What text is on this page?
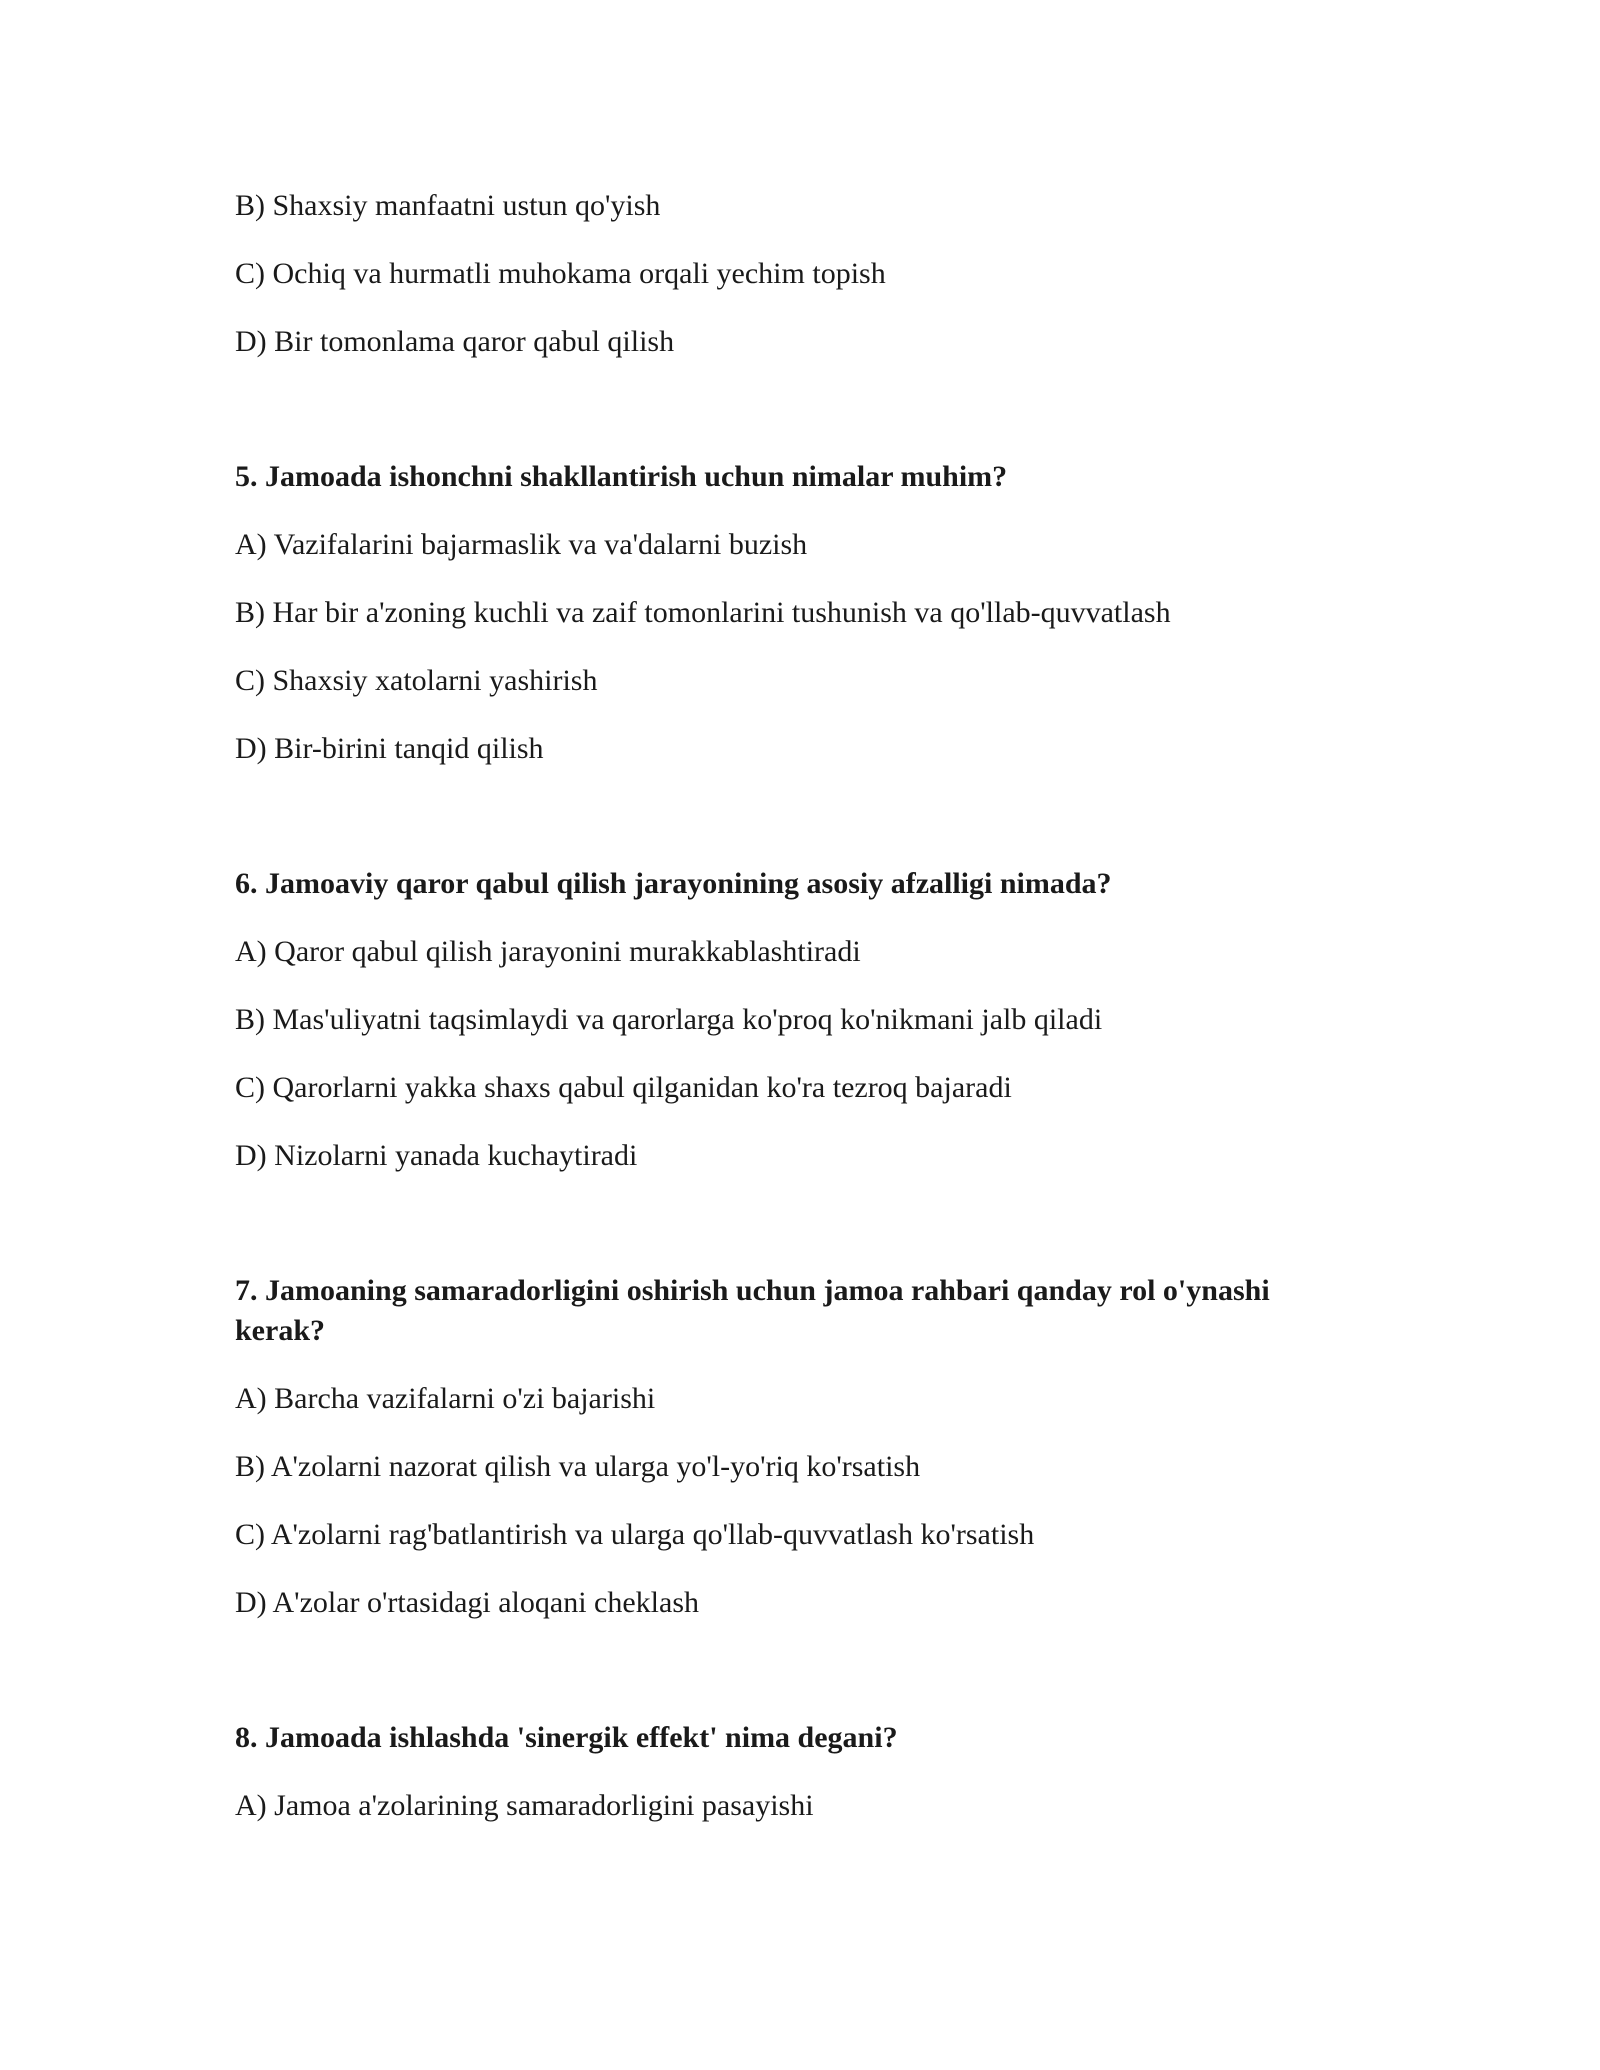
B) Shaxsiy manfaatni ustun qo'yish
C) Ochiq va hurmatli muhokama orqali yechim topish
D) Bir tomonlama qaror qabul qilish
5. Jamoada ishonchni shakllantirish uchun nimalar muhim?
A) Vazifalarini bajarmaslik va va'dalarni buzish
B) Har bir a'zoning kuchli va zaif tomonlarini tushunish va qo'llab-quvvatlash
C) Shaxsiy xatolarni yashirish
D) Bir-birini tanqid qilish
6. Jamoaviy qaror qabul qilish jarayonining asosiy afzalligi nimada?
A) Qaror qabul qilish jarayonini murakkablashtiradi
B) Mas'uliyatni taqsimlaydi va qarorlarga ko'proq ko'nikmani jalb qiladi
C) Qarorlarni yakka shaxs qabul qilganidan ko'ra tezroq bajaradi
D) Nizolarni yanada kuchaytiradi
7. Jamoaning samaradorligini oshirish uchun jamoa rahbari qanday rol o'ynashi kerak?
A) Barcha vazifalarni o'zi bajarishi
B) A'zolarni nazorat qilish va ularga yo'l-yo'riq ko'rsatish
C) A'zolarni rag'batlantirish va ularga qo'llab-quvvatlash ko'rsatish
D) A'zolar o'rtasidagi aloqani cheklash
8. Jamoada ishlashda 'sinergik effekt' nima degani?
A) Jamoa a'zolarining samaradorligini pasayishi
